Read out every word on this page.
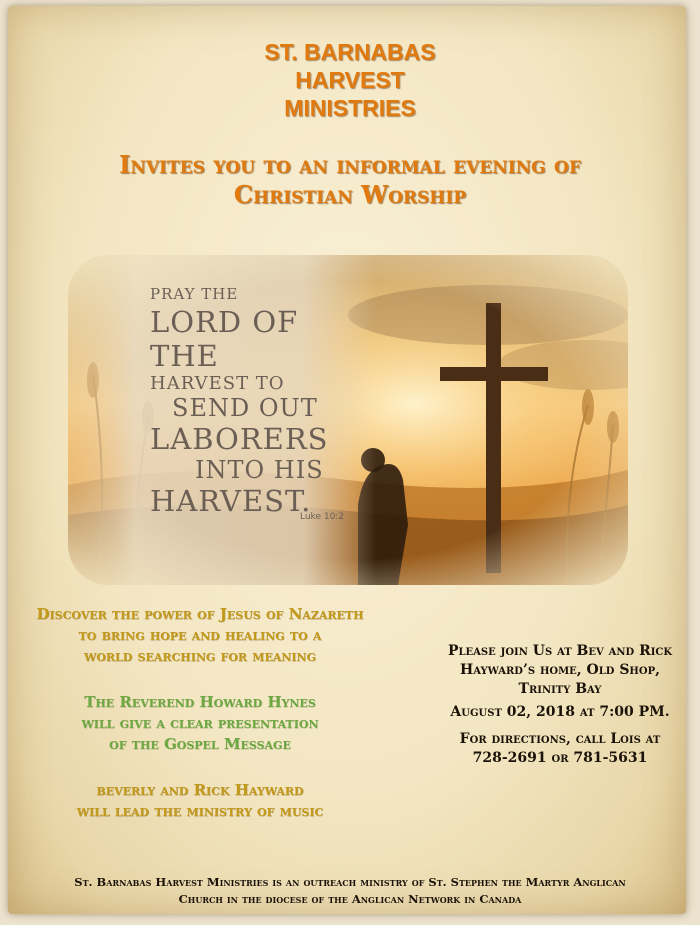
ST. BARNABAS
HARVEST
MINISTRIES
Invites you to an informal evening of
Christian Worship
PRAY THE
LORD OF THE
HARVEST TO
SEND OUT
LABORERS
INTO HIS
HARVEST.
Luke 10:2
Discover the power of Jesus of Nazareth
to bring hope and healing to a
world searching for meaning
The Reverend Howard Hynes
will give a clear presentation
of the Gospel Message
beverly and Rick Hayward
will lead the ministry of music
Please join Us at Bev and Rick
Hayward’s home, Old Shop,
Trinity Bay
August 02, 2018 at 7:00 PM.
For directions, call Lois at
728-2691 or 781-5631
St. Barnabas Harvest Ministries is an outreach ministry of St. Stephen the Martyr Anglican
Church in the diocese of the Anglican Network in Canada
